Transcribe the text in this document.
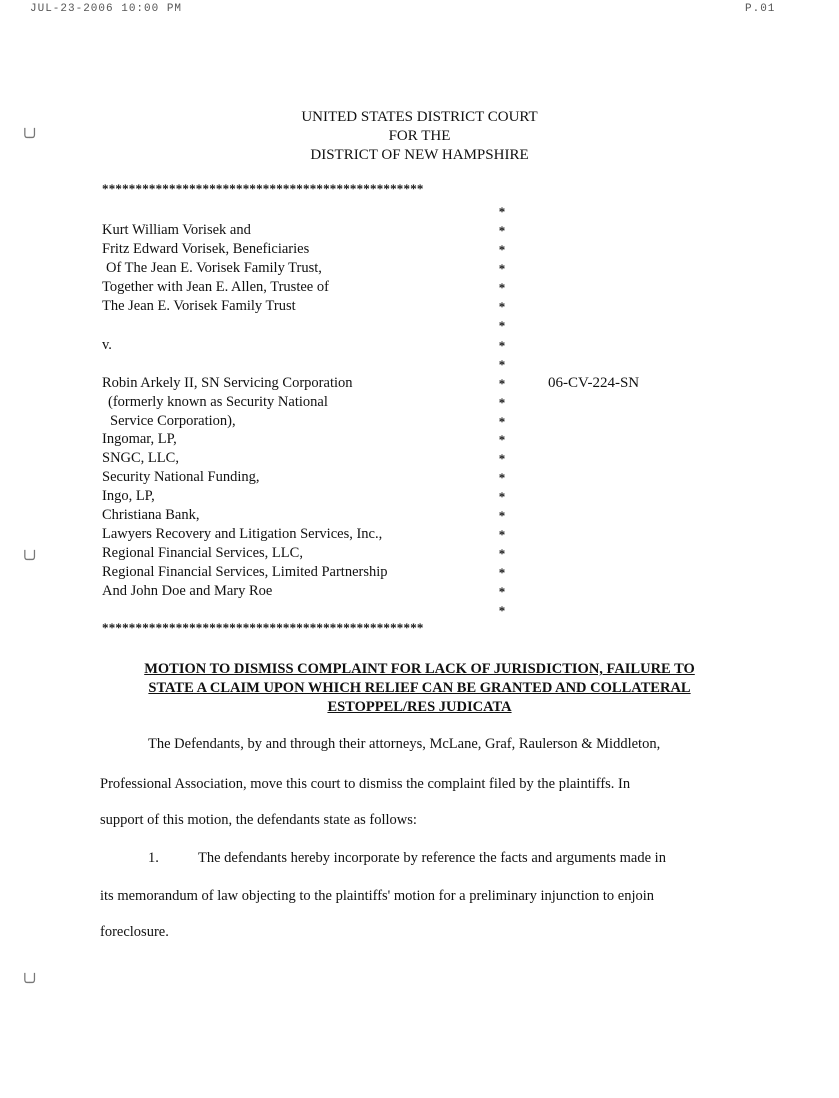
JUL-23-2006 10:00 PM	P.01
╰╯
╰╯
╰╯
UNITED STATES DISTRICT COURT
FOR THE
DISTRICT OF NEW HAMPSHIRE
************************************************
Kurt William Vorisek and
Fritz Edward Vorisek, Beneficiaries
Of The Jean E. Vorisek Family Trust,
Together with Jean E. Allen, Trustee of
The Jean E. Vorisek Family Trust
v.
Robin Arkely II, SN Servicing Corporation
(formerly known as Security National
Service Corporation),
Ingomar, LP,
SNGC, LLC,
Security National Funding,
Ingo, LP,
Christiana Bank,
Lawyers Recovery and Litigation Services, Inc.,
Regional Financial Services, LLC,
Regional Financial Services, Limited Partnership
And John Doe and Mary Roe
06-CV-224-SN
*
*
*
*
*
*
*
*
*
*
*
*
*
*
*
*
*
*
*
*
*
*
************************************************
MOTION TO DISMISS COMPLAINT FOR LACK OF JURISDICTION, FAILURE TO
STATE A CLAIM UPON WHICH RELIEF CAN BE GRANTED AND COLLATERAL
ESTOPPEL/RES JUDICATA
The Defendants, by and through their attorneys, McLane, Graf, Raulerson & Middleton,
Professional Association, move this court to dismiss the complaint filed by the plaintiffs. In
support of this motion, the defendants state as follows:
1.	The defendants hereby incorporate by reference the facts and arguments made in
its memorandum of law objecting to the plaintiffs' motion for a preliminary injunction to enjoin
foreclosure.
